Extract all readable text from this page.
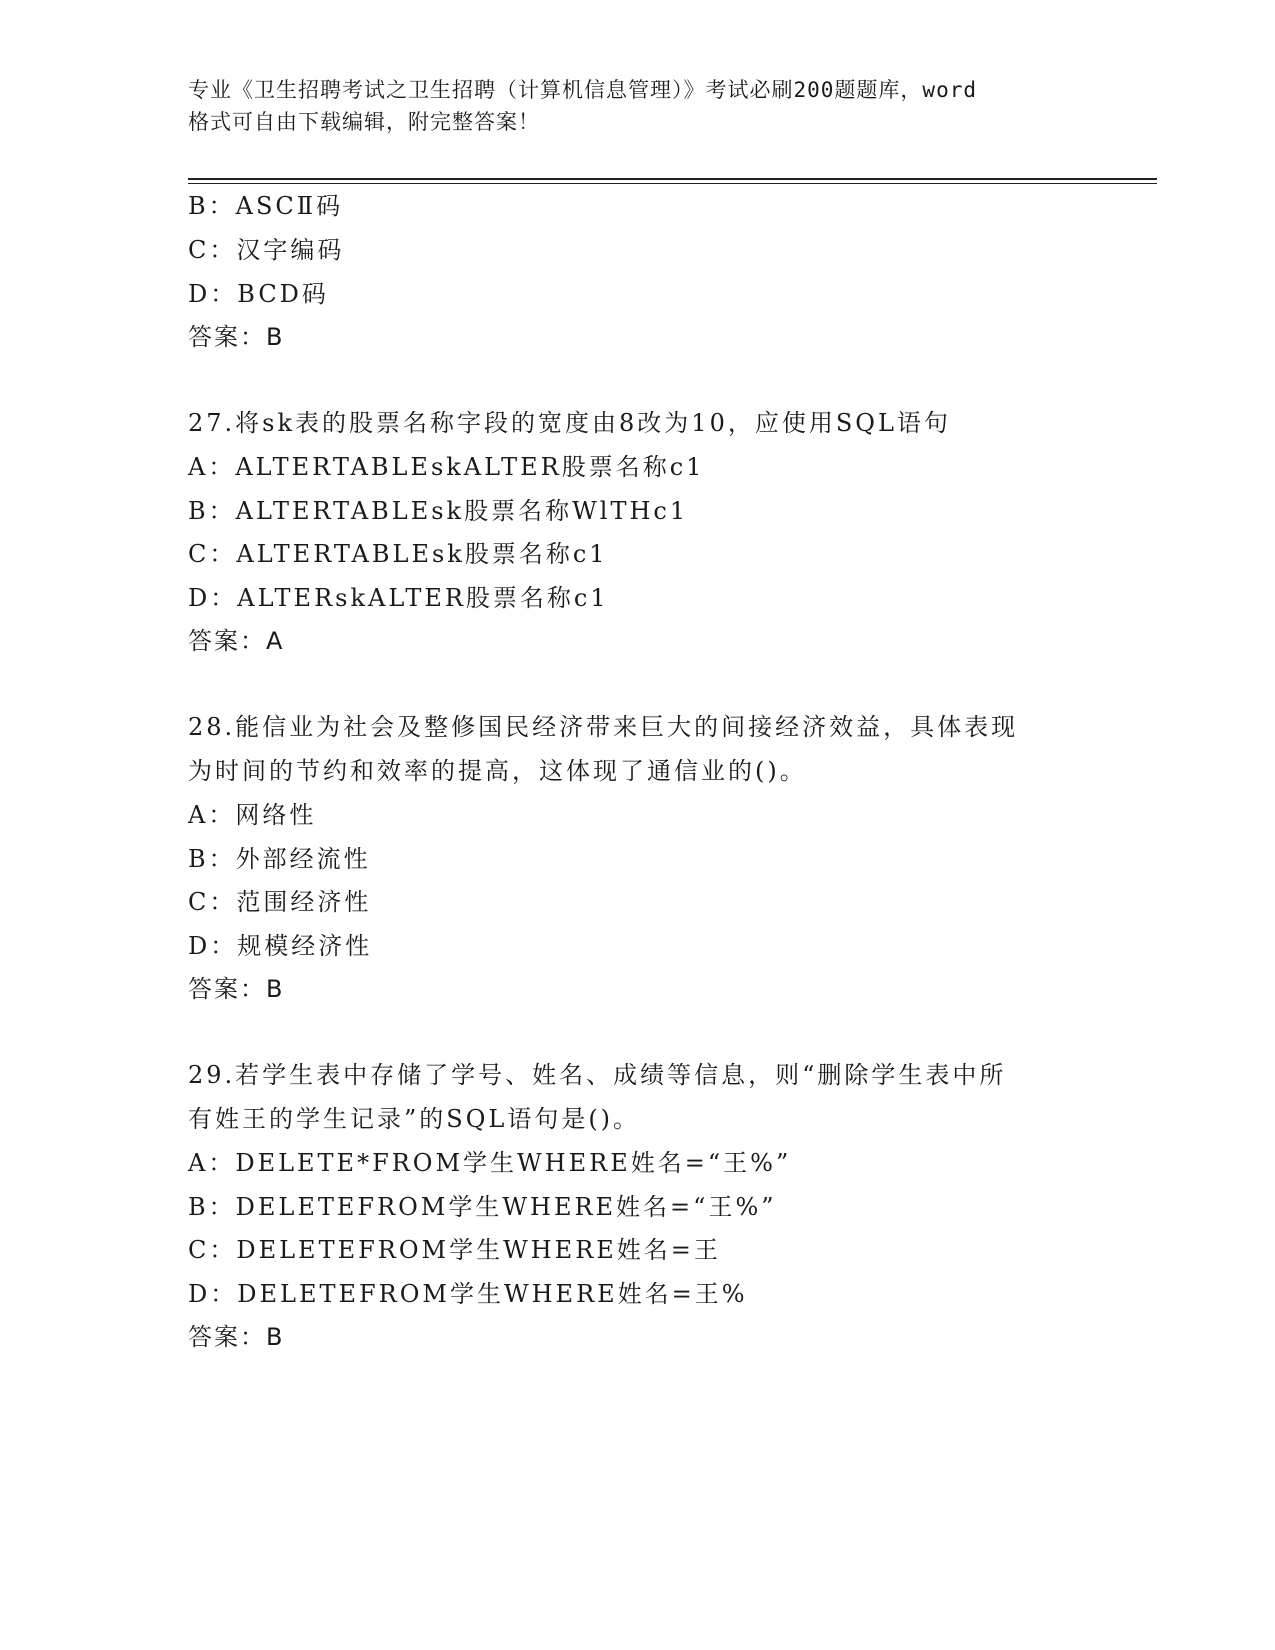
专业《卫生招聘考试之卫生招聘（计算机信息管理）》考试必刷200题题库，word
格式可自由下载编辑，附完整答案！
B：ASCⅡ码
C：汉字编码
D：BCD码
答案：B
27.将sk表的股票名称字段的宽度由8改为10，应使用SQL语句
A：ALTERTABLEskALTER股票名称c1
B：ALTERTABLEsk股票名称WlTHc1
C：ALTERTABLEsk股票名称c1
D：ALTERskALTER股票名称c1
答案：A
28.能信业为社会及整修国民经济带来巨大的间接经济效益，具体表现
为时间的节约和效率的提高，这体现了通信业的()。
A：网络性
B：外部经流性
C：范围经济性
D：规模经济性
答案：B
29.若学生表中存储了学号、姓名、成绩等信息，则“删除学生表中所
有姓王的学生记录”的SQL语句是()。
A：DELETE*FROM学生WHERE姓名=“王%”
B：DELETEFROM学生WHERE姓名=“王%”
C：DELETEFROM学生WHERE姓名=王
D：DELETEFROM学生WHERE姓名=王%
答案：B
